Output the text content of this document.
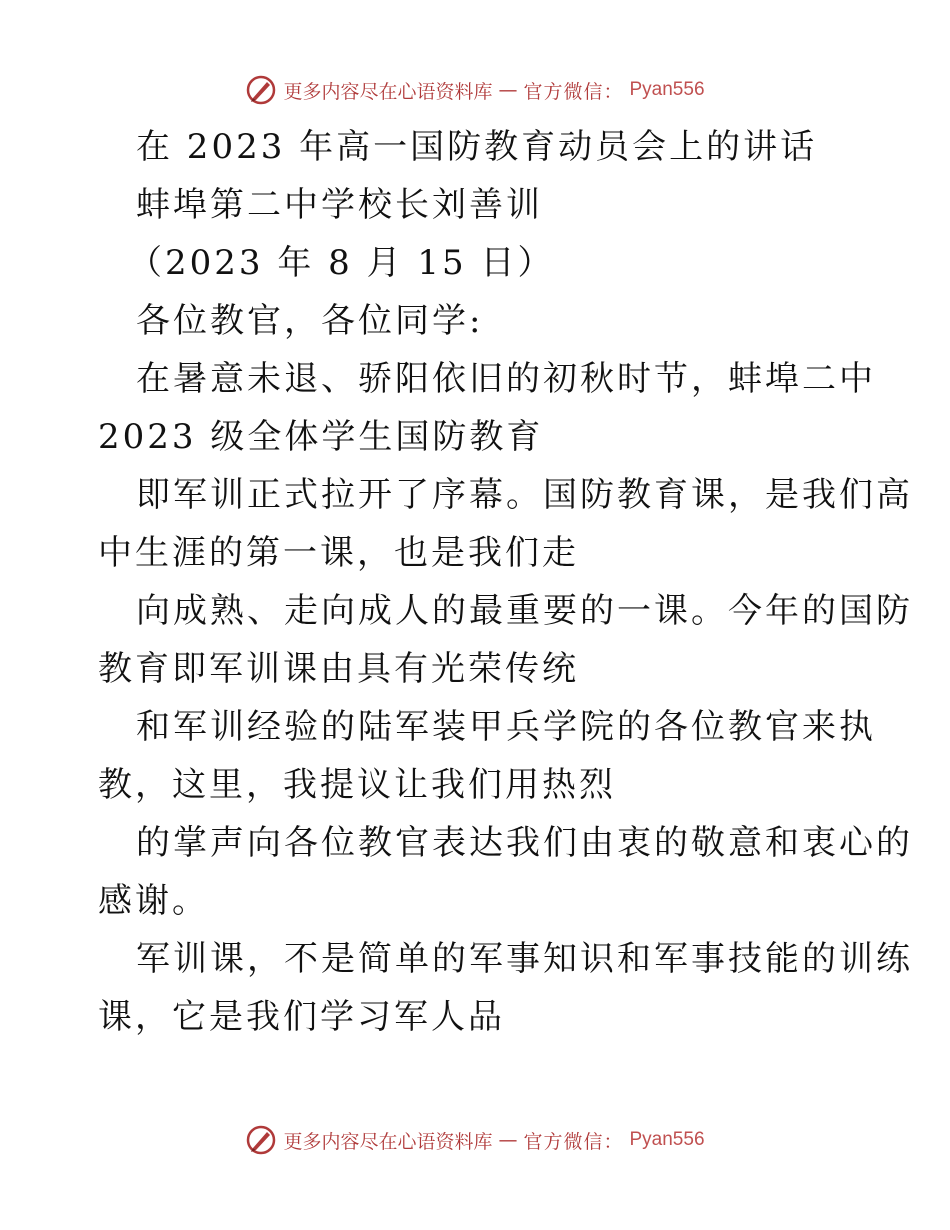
更多内容尽在心语资料库 — 官方微信： Pyan556

在 2023 年高一国防教育动员会上的讲话

蚌埠第二中学校长刘善训

（2023 年 8 月 15 日）

各位教官，各位同学:

在暑意未退、骄阳依旧的初秋时节，蚌埠二中

2023 级全体学生国防教育

即军训正式拉开了序幕。国防教育课，是我们高

中生涯的第一课，也是我们走

向成熟、走向成人的最重要的一课。今年的国防

教育即军训课由具有光荣传统

和军训经验的陆军装甲兵学院的各位教官来执

教，这里，我提议让我们用热烈

的掌声向各位教官表达我们由衷的敬意和衷心的

感谢。

军训课，不是简单的军事知识和军事技能的训练

课，它是我们学习军人品

更多内容尽在心语资料库 — 官方微信： Pyan556
